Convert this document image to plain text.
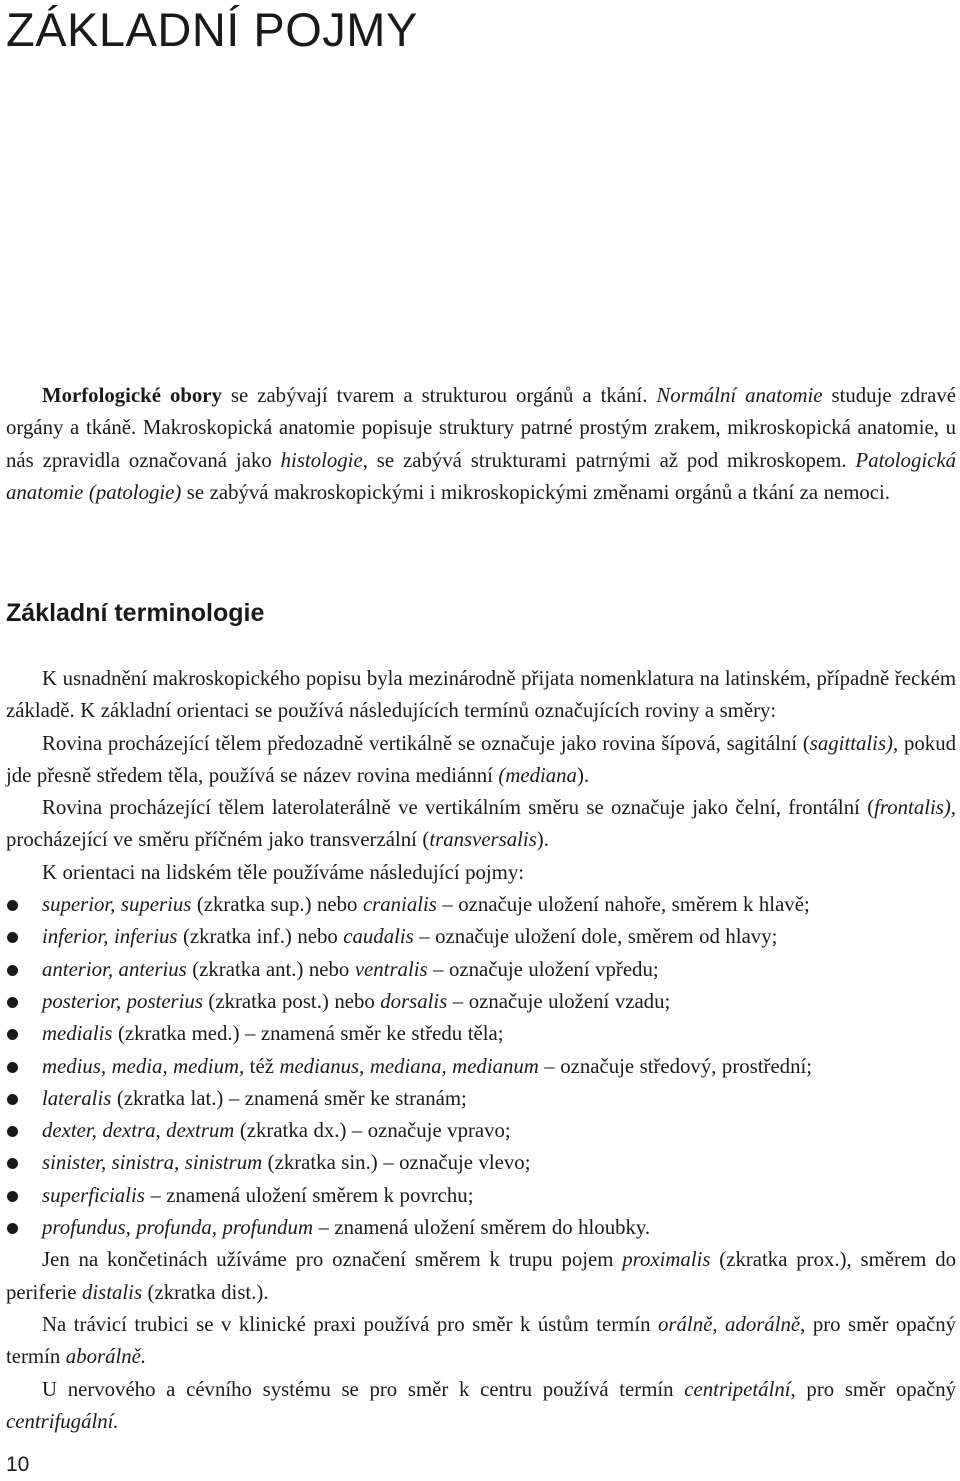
ZÁKLADNÍ POJMY

Morfologické obory se zabývají tvarem a strukturou orgánů a tkání. Normální anatomie studuje zdravé orgány a tkáně. Makroskopická anatomie popisuje struktury patrné prostým zrakem, mikroskopická anatomie, u nás zpravidla označovaná jako histologie, se zabývá strukturami patrnými až pod mikroskopem. Patologická anatomie (patologie) se zabývá makroskopickými i mikroskopickými změnami orgánů a tkání za nemoci.

Základní terminologie

K usnadnění makroskopického popisu byla mezinárodně přijata nomenklatura na latinském, případně řeckém základě. K základní orientaci se používá následujících termínů označujících roviny a směry:

Rovina procházející tělem předozadně vertikálně se označuje jako rovina šípová, sagitální (sagittalis), pokud jde přesně středem těla, používá se název rovina mediánní (mediana).

Rovina procházející tělem laterolaterálně ve vertikálním směru se označuje jako čelní, frontální (frontalis), procházející ve směru příčném jako transverzální (transversalis).

K orientaci na lidském těle používáme následující pojmy:

superior, superius (zkratka sup.) nebo cranialis – označuje uložení nahoře, směrem k hlavě;
inferior, inferius (zkratka inf.) nebo caudalis – označuje uložení dole, směrem od hlavy;
anterior, anterius (zkratka ant.) nebo ventralis – označuje uložení vpředu;
posterior, posterius (zkratka post.) nebo dorsalis – označuje uložení vzadu;
medialis (zkratka med.) – znamená směr ke středu těla;
medius, media, medium, též medianus, mediana, medianum – označuje středový, prostřední;
lateralis (zkratka lat.) – znamená směr ke stranám;
dexter, dextra, dextrum (zkratka dx.) – označuje vpravo;
sinister, sinistra, sinistrum (zkratka sin.) – označuje vlevo;
superficialis – znamená uložení směrem k povrchu;
profundus, profunda, profundum – znamená uložení směrem do hloubky.

Jen na končetinách užíváme pro označení směrem k trupu pojem proximalis (zkratka prox.), směrem do periferie distalis (zkratka dist.).

Na trávicí trubici se v klinické praxi používá pro směr k ústům termín orálně, adorálně, pro směr opačný termín aborálně.

U nervového a cévního systému se pro směr k centru používá termín centripetální, pro směr opačný centrifugální.

10
